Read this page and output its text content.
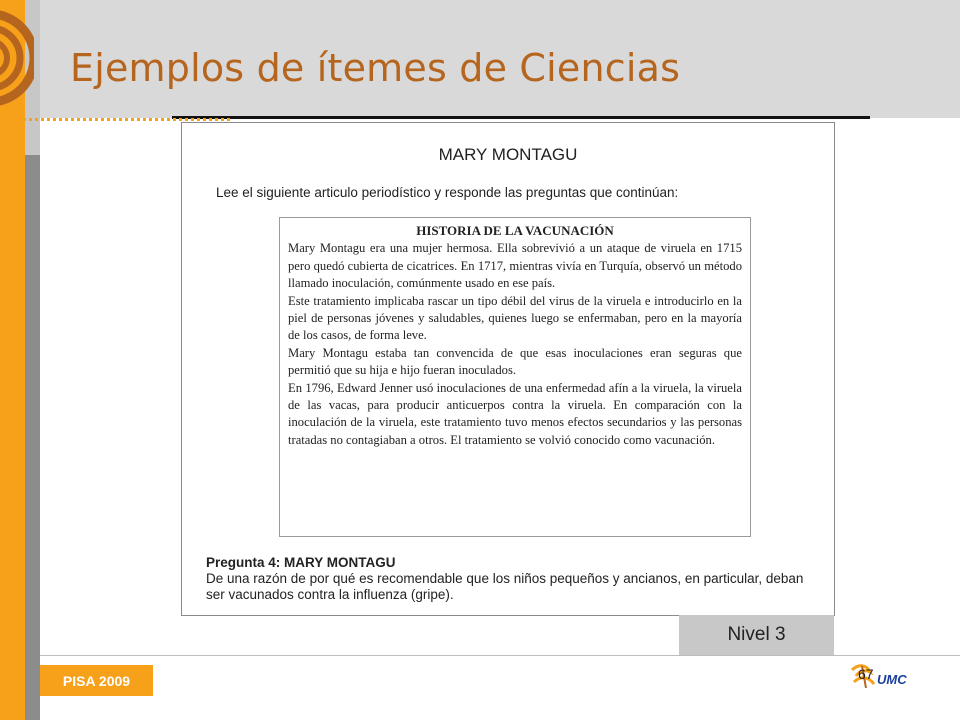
Ejemplos de ítemes de Ciencias
MARY MONTAGU
Lee el siguiente articulo periodístico y responde las preguntas que continúan:
HISTORIA DE LA VACUNACIÓN

Mary Montagu era una mujer hermosa. Ella sobrevivió a un ataque de viruela en 1715 pero quedó cubierta de cicatrices. En 1717, mientras vivía en Turquía, observó un método llamado inoculación, comúnmente usado en ese país.

Este tratamiento implicaba rascar un tipo débil del virus de la viruela e introducirlo en la piel de personas jóvenes y saludables, quienes luego se enfermaban, pero en la mayoría de los casos, de forma leve.

Mary Montagu estaba tan convencida de que esas inoculaciones eran seguras que permitió que su hija e hijo fueran inoculados.

En 1796, Edward Jenner usó inoculaciones de una enfermedad afín a la viruela, la viruela de las vacas, para producir anticuerpos contra la viruela. En comparación con la inoculación de la viruela, este tratamiento tuvo menos efectos secundarios y las personas tratadas no contagiaban a otros. El tratamiento se volvió conocido como vacunación.

Pregunta 4: MARY MONTAGU
De una razón de por qué es recomendable que los niños pequeños y ancianos, en particular, deban ser vacunados contra la influenza (gripe).
Nivel 3
PISA 2009	67 UMC
